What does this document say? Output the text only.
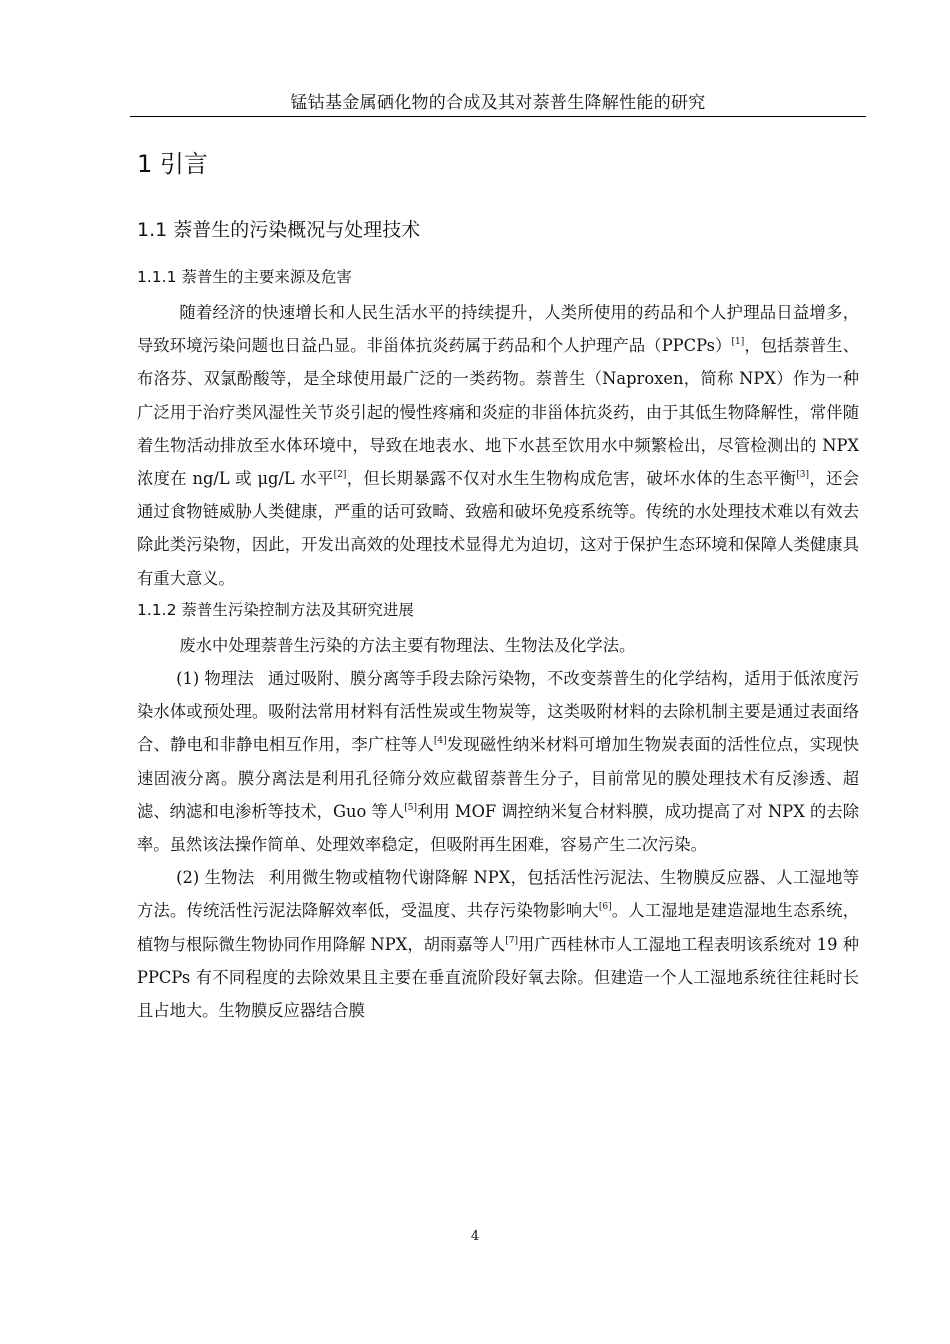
锰钴基金属硒化物的合成及其对萘普生降解性能的研究
1 引言
1.1 萘普生的污染概况与处理技术
1.1.1 萘普生的主要来源及危害

随着经济的快速增长和人民生活水平的持续提升，人类所使用的药品和个人护理品日益增多，导致环境污染问题也日益凸显。非甾体抗炎药属于药品和个人护理产品（PPCPs）[1]，包括萘普生、布洛芬、双氯酚酸等，是全球使用最广泛的一类药物。萘普生（Naproxen，简称 NPX）作为一种广泛用于治疗类风湿性关节炎引起的慢性疼痛和炎症的非甾体抗炎药，由于其低生物降解性，常伴随着生物活动排放至水体环境中，导致在地表水、地下水甚至饮用水中频繁检出，尽管检测出的 NPX 浓度在 ng/L 或 μg/L 水平[2]，但长期暴露不仅对水生生物构成危害，破坏水体的生态平衡[3]，还会通过食物链威胁人类健康，严重的话可致畸、致癌和破坏免疫系统等。传统的水处理技术难以有效去除此类污染物，因此，开发出高效的处理技术显得尤为迫切，这对于保护生态环境和保障人类健康具有重大意义。

1.1.2 萘普生污染控制方法及其研究进展

废水中处理萘普生污染的方法主要有物理法、生物法及化学法。

(1) 物理法 通过吸附、膜分离等手段去除污染物，不改变萘普生的化学结构，适用于低浓度污染水体或预处理。吸附法常用材料有活性炭或生物炭等，这类吸附材料的去除机制主要是通过表面络合、静电和非静电相互作用，李广柱等人[4]发现磁性纳米材料可增加生物炭表面的活性位点，实现快速固液分离。膜分离法是利用孔径筛分效应截留萘普生分子，目前常见的膜处理技术有反渗透、超滤、纳滤和电渗析等技术，Guo 等人[5]利用 MOF 调控纳米复合材料膜，成功提高了对 NPX 的去除率。虽然该法操作简单、处理效率稳定，但吸附再生困难，容易产生二次污染。

(2) 生物法 利用微生物或植物代谢降解 NPX，包括活性污泥法、生物膜反应器、人工湿地等方法。传统活性污泥法降解效率低，受温度、共存污染物影响大[6]。人工湿地是建造湿地生态系统，植物与根际微生物协同作用降解 NPX，胡雨嘉等人[7]用广西桂林市人工湿地工程表明该系统对 19 种 PPCPs 有不同程度的去除效果且主要在垂直流阶段好氧去除。但建造一个人工湿地系统往往耗时长且占地大。生物膜反应器结合膜

4
